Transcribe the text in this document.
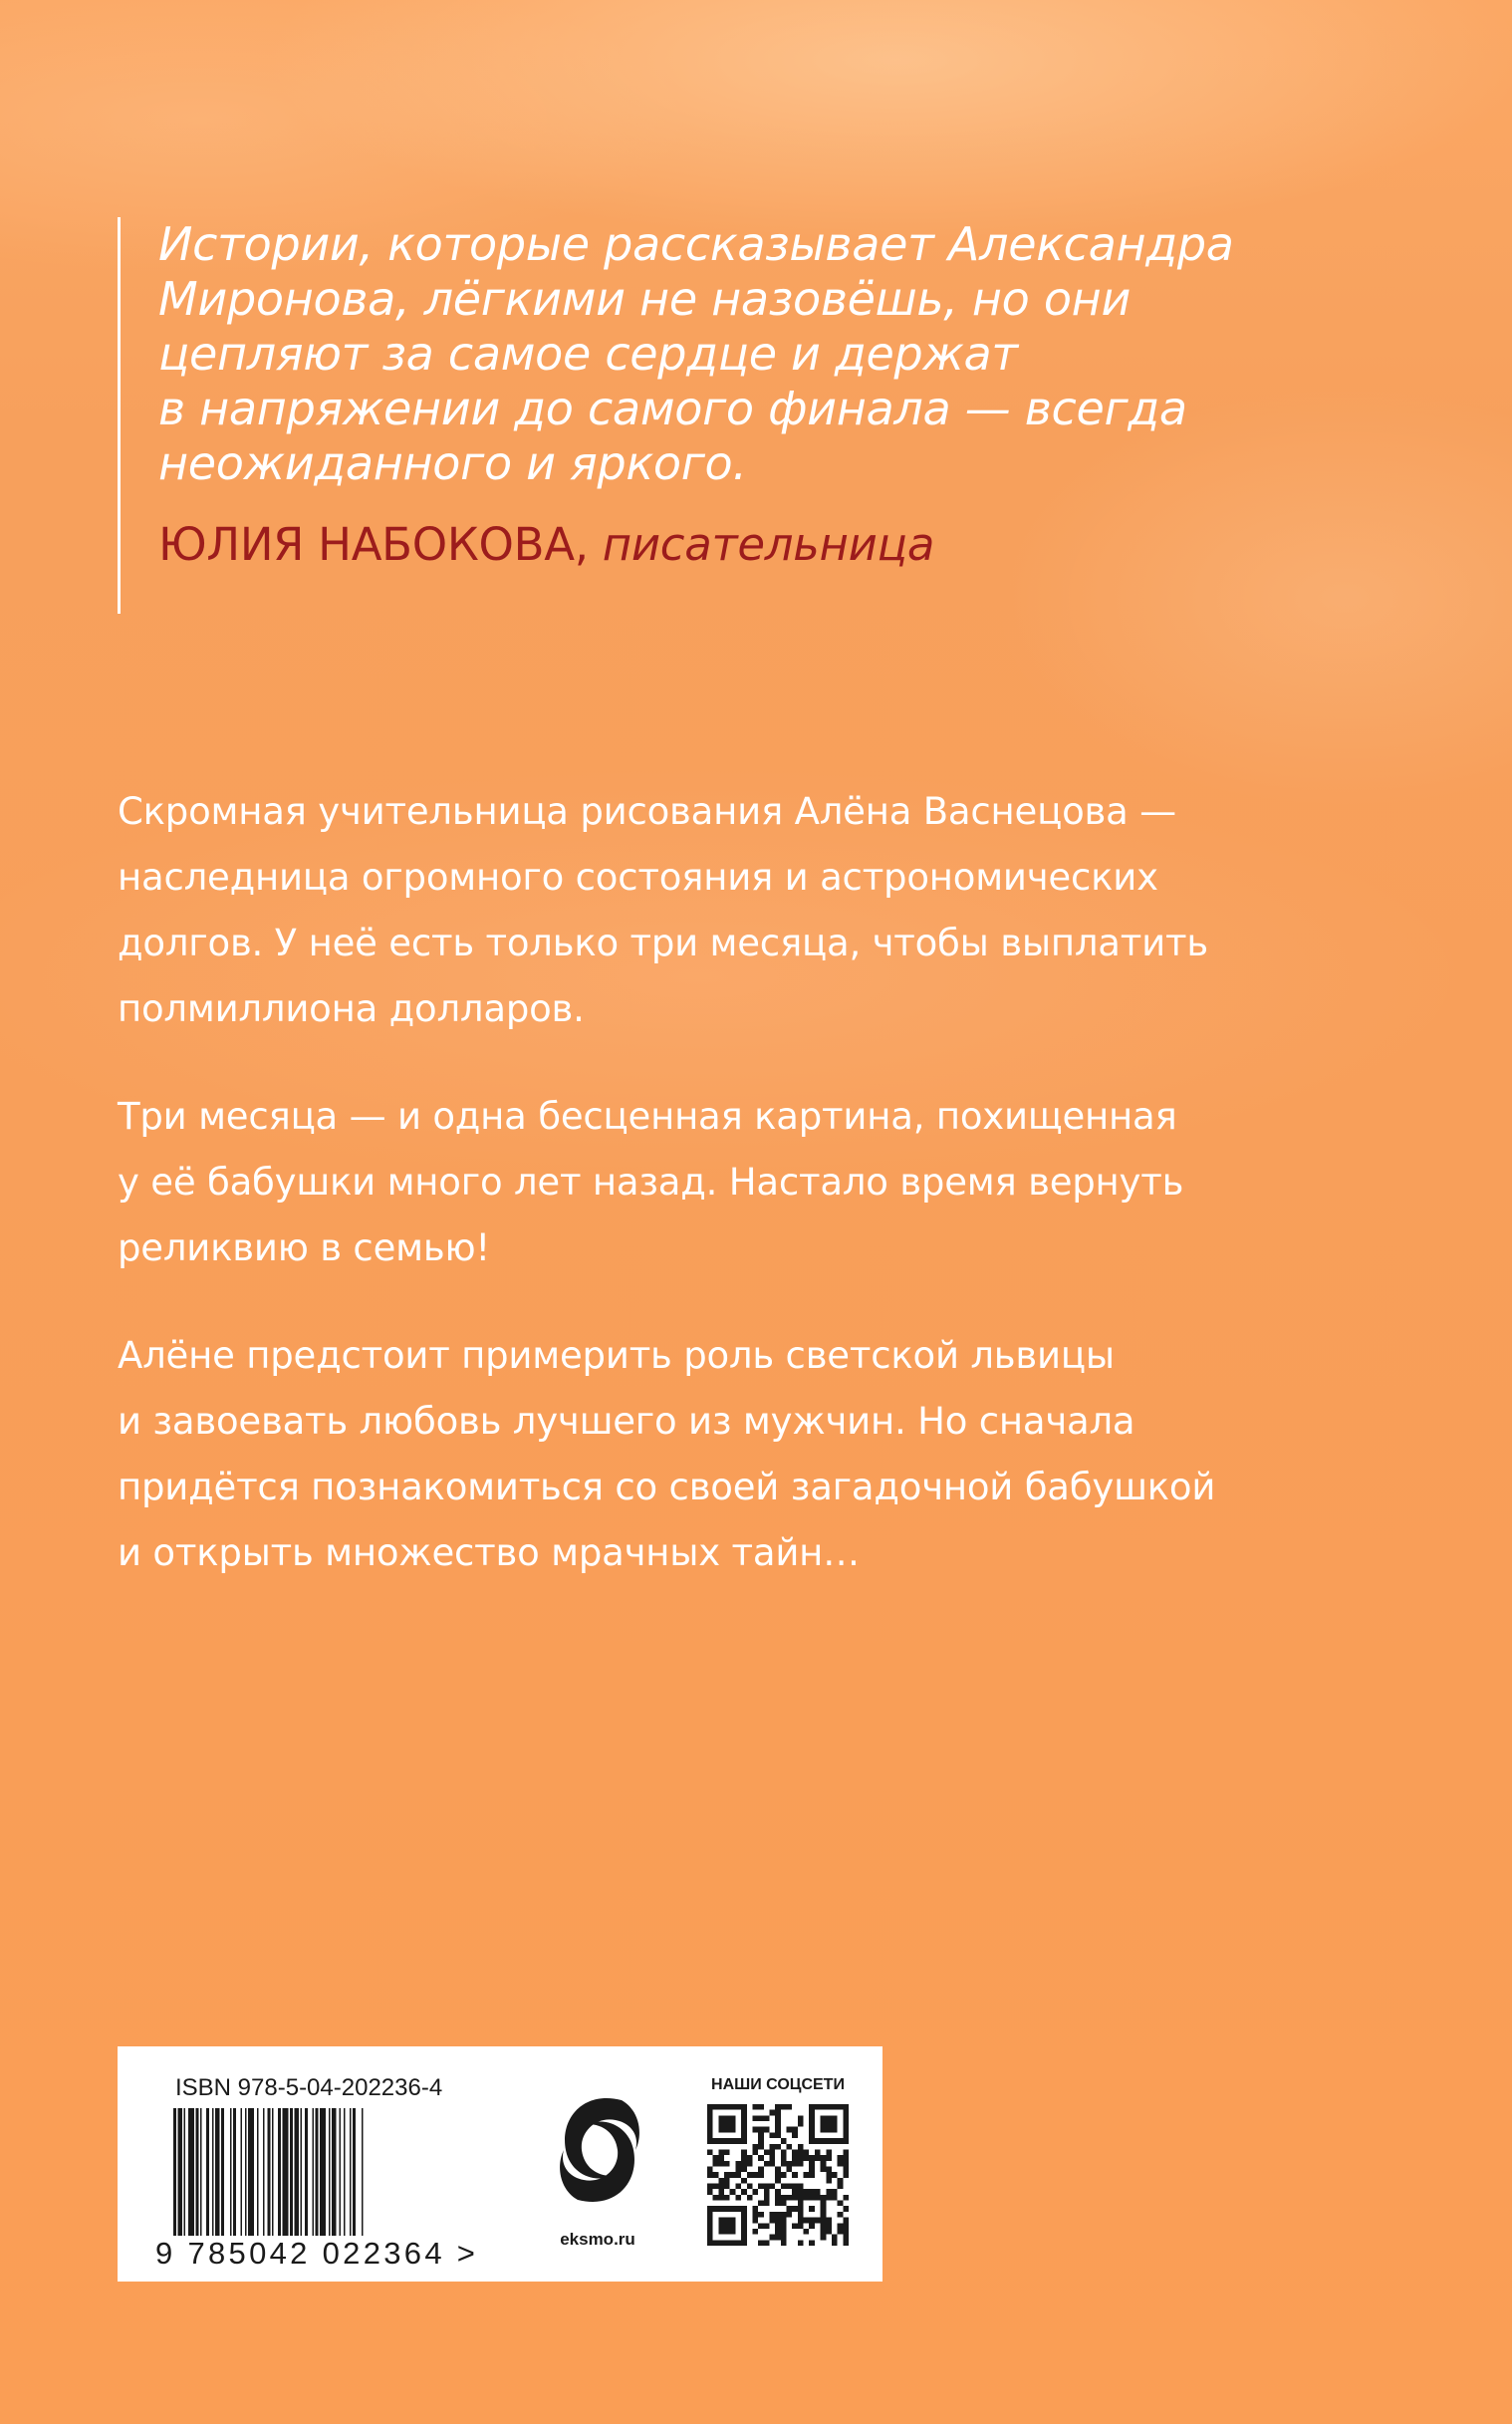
Истории, которые рассказывает Александра
Миронова, лёгкими не назовёшь, но они
цепляют за самое сердце и держат
в напряжении до самого финала — всегда
неожиданного и яркого.

ЮЛИЯ НАБОКОВА, писательница

Скромная учительница рисования Алёна Васнецова —
наследница огромного состояния и астрономических
долгов. У неё есть только три месяца, чтобы выплатить
полмиллиона долларов.

Три месяца — и одна бесценная картина, похищенная
у её бабушки много лет назад. Настало время вернуть
реликвию в семью!

Алёне предстоит примерить роль светской львицы
и завоевать любовь лучшего из мужчин. Но сначала
придётся познакомиться со своей загадочной бабушкой
и открыть множество мрачных тайн…

ISBN 978-5-04-202236-4
9 785042 022364 >	eksmo.ru
НАШИ СОЦСЕТИ
